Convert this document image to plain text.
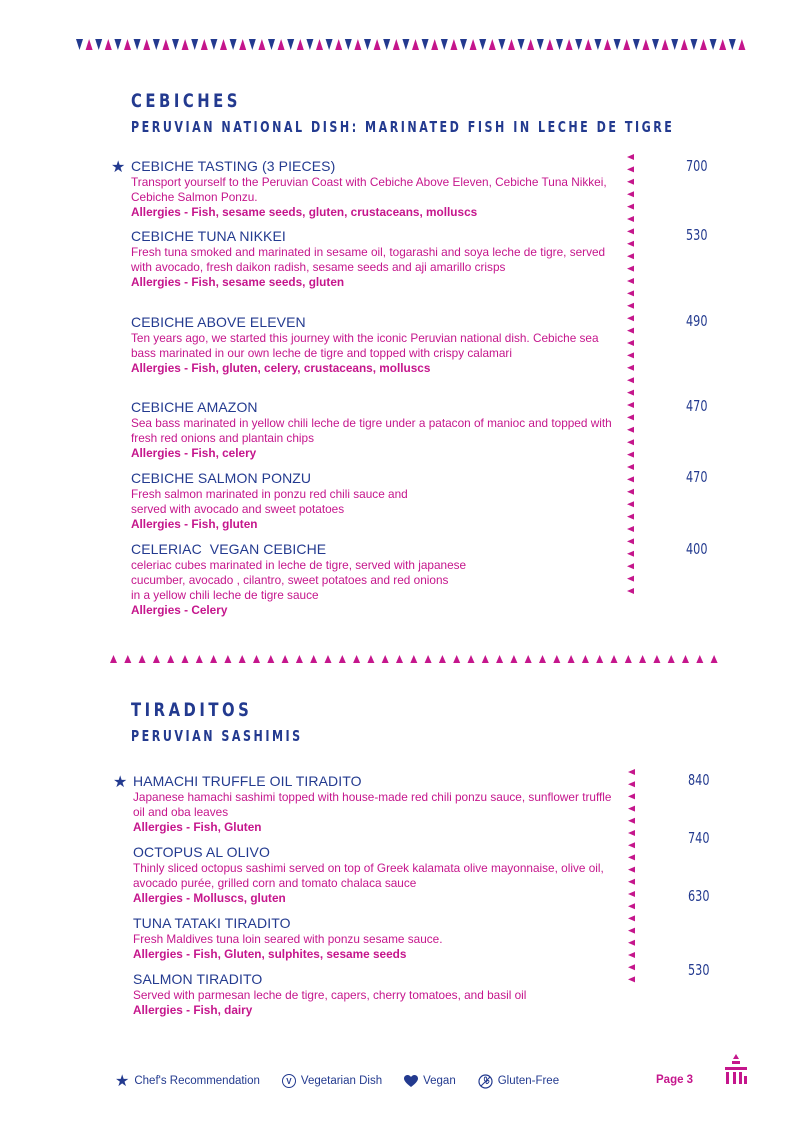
CEBICHES
PERUVIAN NATIONAL DISH: MARINATED FISH IN LECHE DE TIGRE
★ CEBICHE TASTING (3 PIECES)
Transport yourself to the Peruvian Coast with Cebiche Above Eleven, Cebiche Tuna Nikkei, Cebiche Salmon Ponzu.
Allergies - Fish, sesame seeds, gluten, crustaceans, molluscs
700
CEBICHE TUNA NIKKEI
Fresh tuna smoked and marinated in sesame oil, togarashi and soya leche de tigre, served with avocado, fresh daikon radish, sesame seeds and aji amarillo crisps
Allergies - Fish, sesame seeds, gluten
530
CEBICHE ABOVE ELEVEN
Ten years ago, we started this journey with the iconic Peruvian national dish. Cebiche sea bass marinated in our own leche de tigre and topped with crispy calamari
Allergies - Fish, gluten, celery, crustaceans, molluscs
490
CEBICHE AMAZON
Sea bass marinated in yellow chili leche de tigre under a patacon of manioc and topped with fresh red onions and plantain chips
Allergies - Fish, celery
470
CEBICHE SALMON PONZU
Fresh salmon marinated in ponzu red chili sauce and
served with avocado and sweet potatoes
Allergies - Fish, gluten
470
CELERIAC  VEGAN CEBICHE
celeriac cubes marinated in leche de tigre, served with japanese
cucumber, avocado , cilantro, sweet potatoes and red onions
in a yellow chili leche de tigre sauce
Allergies - Celery
400
TIRADITOS
PERUVIAN SASHIMIS
★ HAMACHI TRUFFLE OIL TIRADITO
Japanese hamachi sashimi topped with house-made red chili ponzu sauce, sunflower truffle oil and oba leaves
Allergies - Fish, Gluten
840
OCTOPUS AL OLIVO
Thinly sliced octopus sashimi served on top of Greek kalamata olive mayonnaise, olive oil, avocado purée, grilled corn and tomato chalaca sauce
Allergies - Molluscs, gluten
740
TUNA TATAKI TIRADITO
Fresh Maldives tuna loin seared with ponzu sesame sauce.
Allergies - Fish, Gluten, sulphites, sesame seeds
630
SALMON TIRADITO
Served with parmesan leche de tigre, capers, cherry tomatoes, and basil oil
Allergies - Fish, dairy
530
★ Chef's Recommendation	V Vegetarian Dish	Vegan	Gluten-Free	Page 3
